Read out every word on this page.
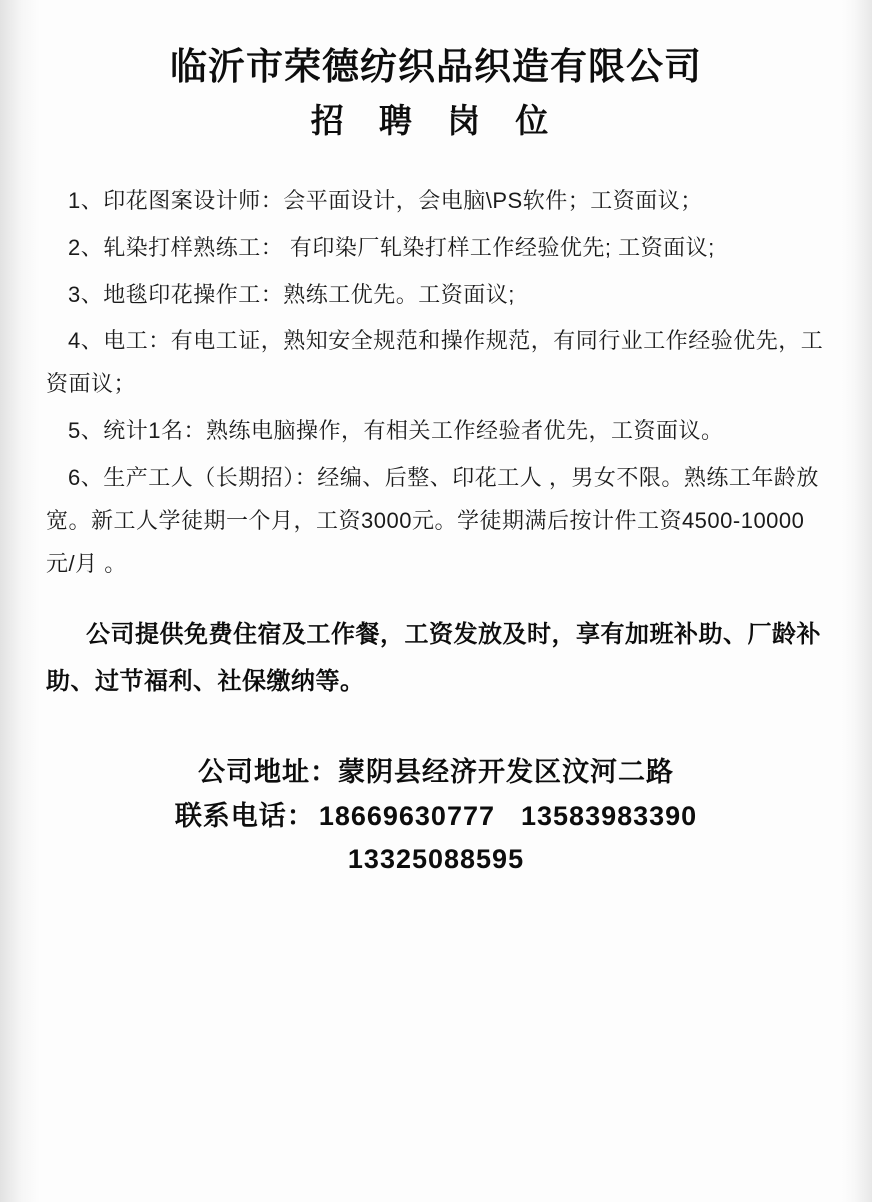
临沂市荣德纺织品织造有限公司
招 聘 岗 位

1、印花图案设计师：会平面设计，会电脑\PS软件；工资面议；

2、轧染打样熟练工： 有印染厂轧染打样工作经验优先; 工资面议;

3、地毯印花操作工：熟练工优先。工资面议;

4、电工：有电工证，熟知安全规范和操作规范，有同行业工作经验优先，工资面议；

5、统计1名：熟练电脑操作，有相关工作经验者优先，工资面议。

6、生产工人（长期招）：经编、后整、印花工人 ，男女不限。熟练工年龄放宽。新工人学徒期一个月，工资3000元。学徒期满后按计件工资4500-10000元/月 。

公司提供免费住宿及工作餐，工资发放及时，享有加班补助、厂龄补助、过节福利、社保缴纳等。

公司地址：蒙阴县经济开发区汶河二路
联系电话： 18669630777 13583983390
13325088595
